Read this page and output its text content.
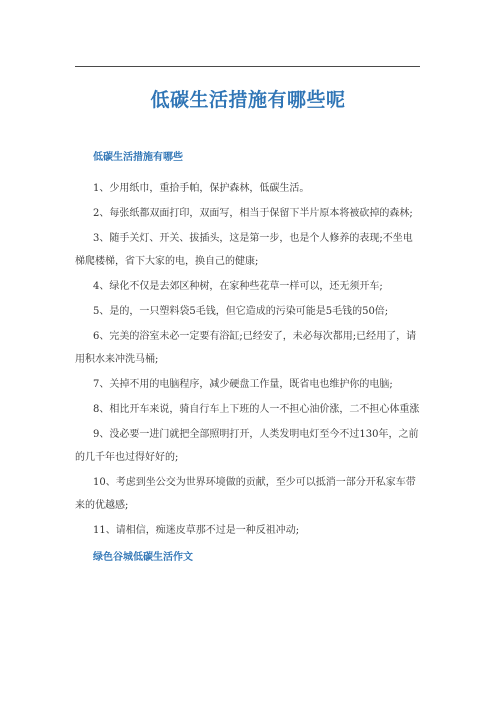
低碳生活措施有哪些呢
低碳生活措施有哪些

1、少用纸巾，重拾手帕，保护森林，低碳生活。

2、每张纸都双面打印，双面写，相当于保留下半片原本将被砍掉的森林;

3、随手关灯、开关、拔插头，这是第一步，也是个人修养的表现;不坐电梯爬楼梯，省下大家的电，换自己的健康;

4、绿化不仅是去郊区种树，在家种些花草一样可以，还无须开车;

5、是的，一只塑料袋5毛钱，但它造成的污染可能是5毛钱的50倍;

6、完美的浴室未必一定要有浴缸;已经安了，未必每次都用;已经用了，请用积水来冲洗马桶;

7、关掉不用的电脑程序，减少硬盘工作量，既省电也维护你的电脑;

8、相比开车来说，骑自行车上下班的人一不担心油价涨，二不担心体重涨

9、没必要一进门就把全部照明打开，人类发明电灯至今不过130年，之前的几千年也过得好好的;

10、考虑到坐公交为世界环境做的贡献，至少可以抵消一部分开私家车带来的优越感;

11、请相信，痴迷皮草那不过是一种反祖冲动;

绿色谷城低碳生活作文
